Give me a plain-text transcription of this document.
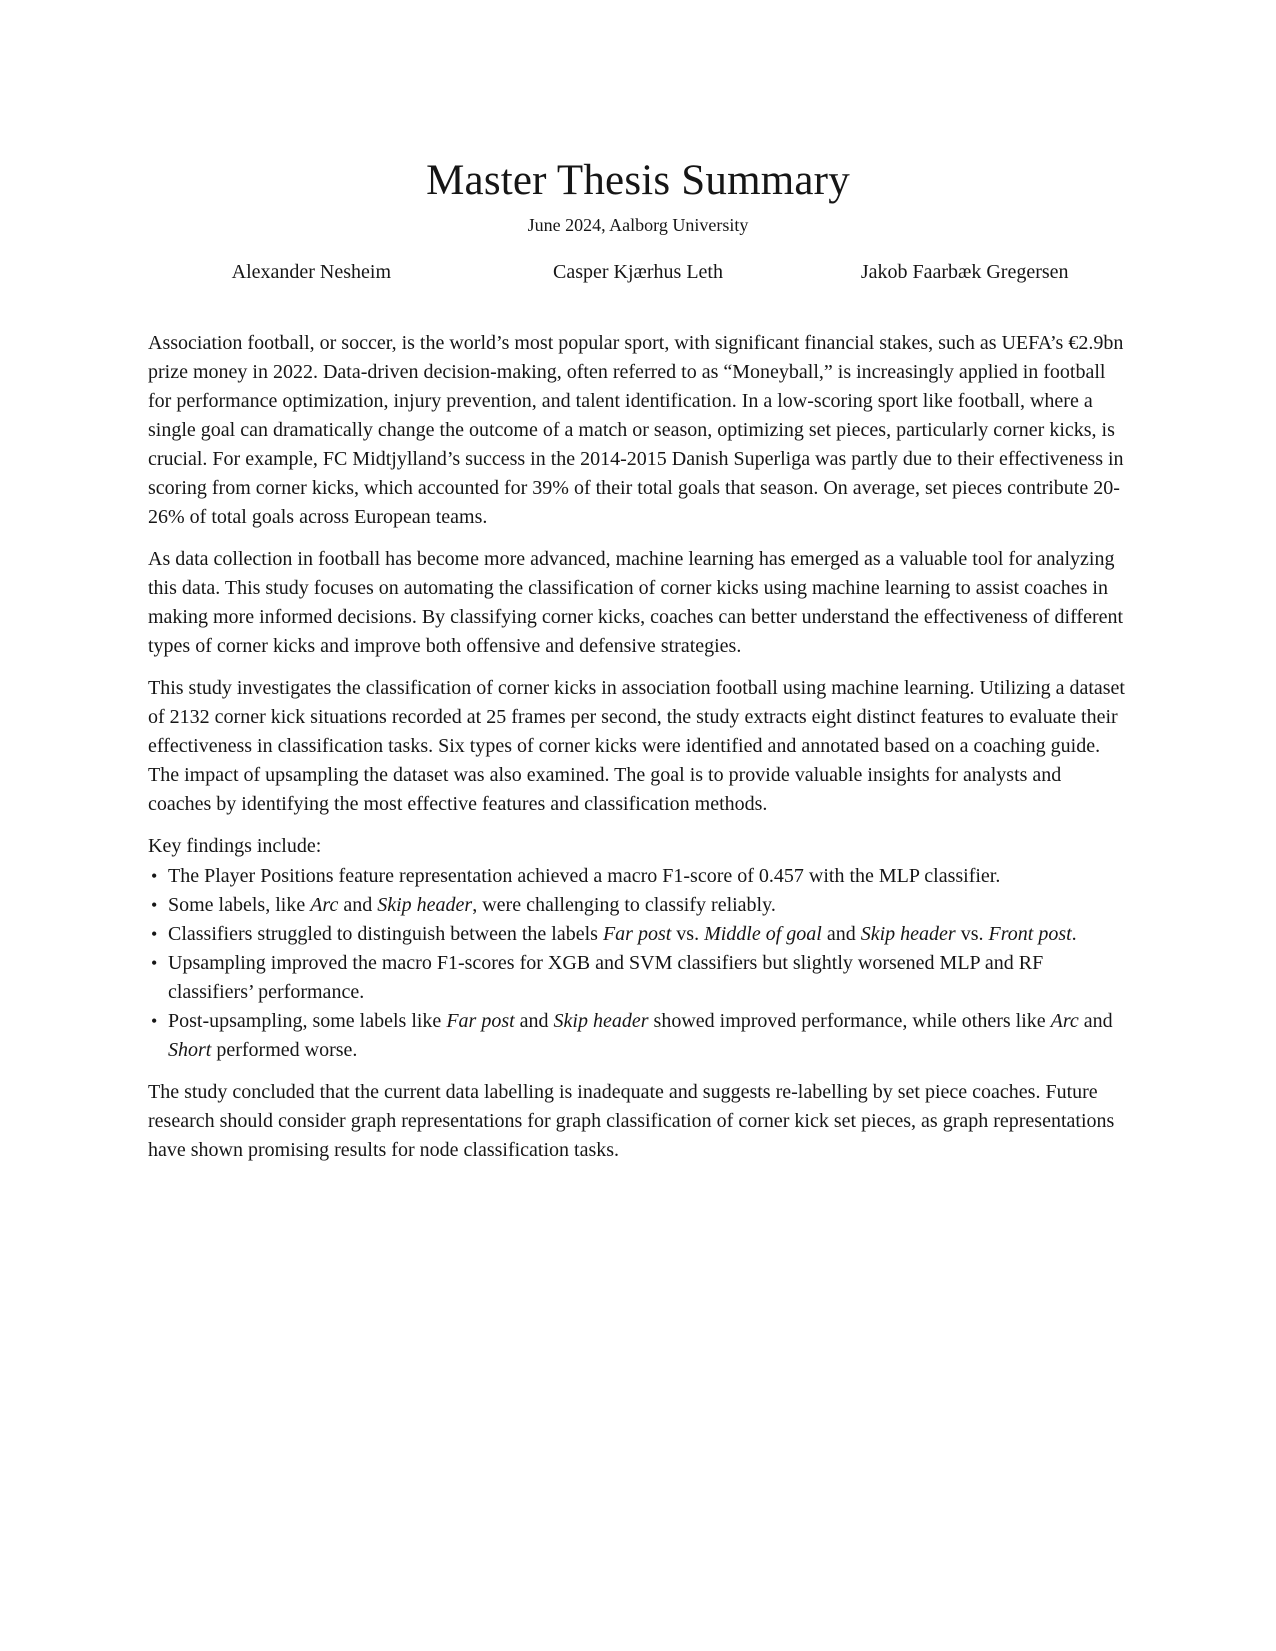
Master Thesis Summary
June 2024, Aalborg University
Alexander Nesheim	Casper Kjærhus Leth	Jakob Faarbæk Gregersen

Association football, or soccer, is the world’s most popular sport, with significant financial stakes, such as UEFA’s €2.9bn prize money in 2022. Data-driven decision-making, often referred to as “Moneyball,” is increasingly applied in football for performance optimization, injury prevention, and talent identification. In a low-scoring sport like football, where a single goal can dramatically change the outcome of a match or season, optimizing set pieces, particularly corner kicks, is crucial. For example, FC Midtjylland’s success in the 2014-2015 Danish Superliga was partly due to their effectiveness in scoring from corner kicks, which accounted for 39% of their total goals that season. On average, set pieces contribute 20-26% of total goals across European teams.

As data collection in football has become more advanced, machine learning has emerged as a valuable tool for analyzing this data. This study focuses on automating the classification of corner kicks using machine learning to assist coaches in making more informed decisions. By classifying corner kicks, coaches can better understand the effectiveness of different types of corner kicks and improve both offensive and defensive strategies.

This study investigates the classification of corner kicks in association football using machine learning. Utilizing a dataset of 2132 corner kick situations recorded at 25 frames per second, the study extracts eight distinct features to evaluate their effectiveness in classification tasks. Six types of corner kicks were identified and annotated based on a coaching guide. The impact of upsampling the dataset was also examined. The goal is to provide valuable insights for analysts and coaches by identifying the most effective features and classification methods.

Key findings include:

• The Player Positions feature representation achieved a macro F1-score of 0.457 with the MLP classifier.
• Some labels, like Arc and Skip header, were challenging to classify reliably.
• Classifiers struggled to distinguish between the labels Far post vs. Middle of goal and Skip header vs. Front post.
• Upsampling improved the macro F1-scores for XGB and SVM classifiers but slightly worsened MLP and RF classifiers’ performance.
• Post-upsampling, some labels like Far post and Skip header showed improved performance, while others like Arc and Short performed worse.

The study concluded that the current data labelling is inadequate and suggests re-labelling by set piece coaches. Future research should consider graph representations for graph classification of corner kick set pieces, as graph representations have shown promising results for node classification tasks.
